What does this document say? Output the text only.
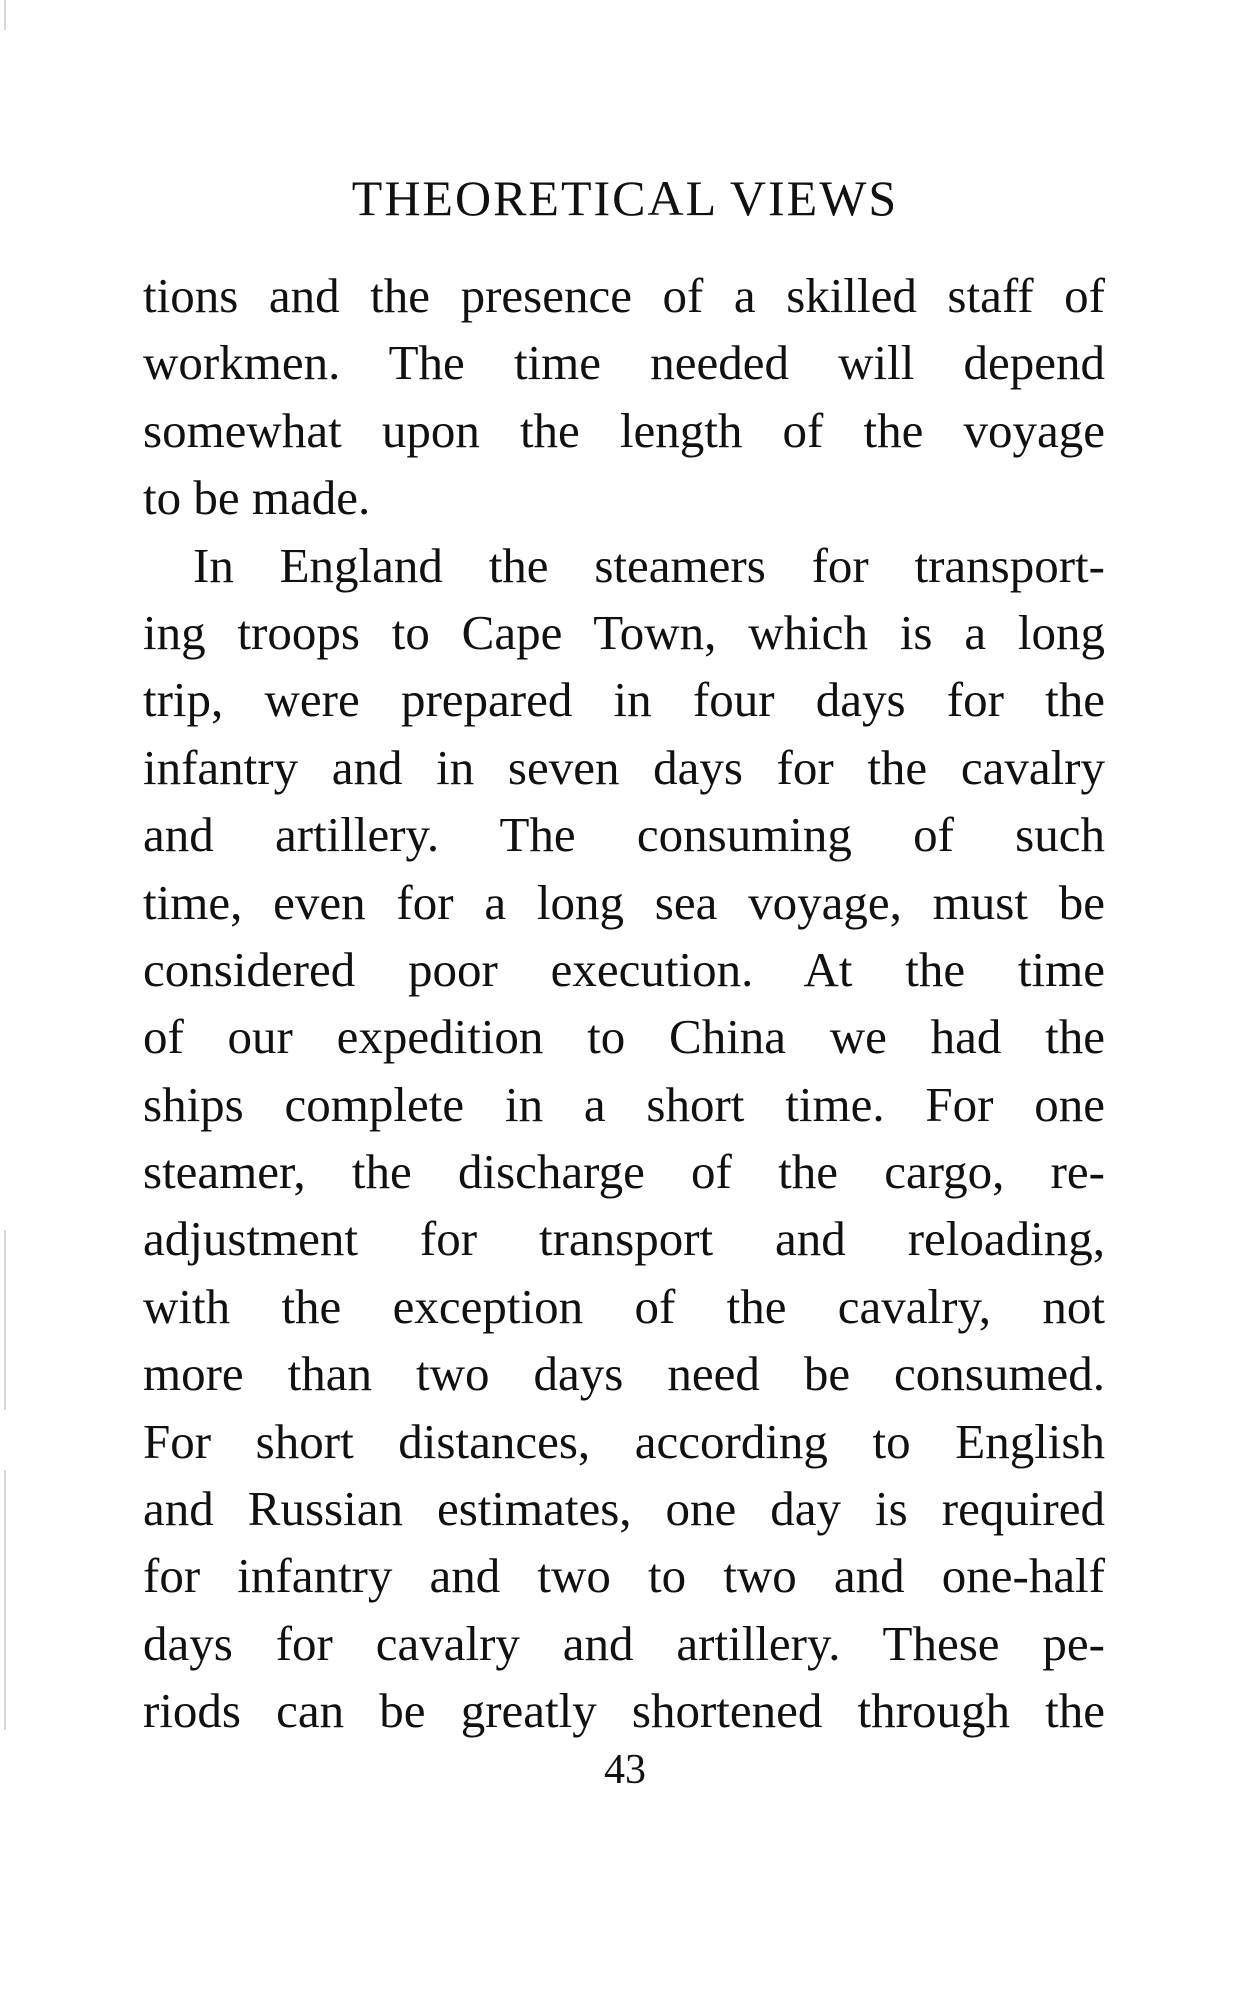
THEORETICAL VIEWS
tions and the presence of a skilled staff of
workmen. The time needed will depend
somewhat upon the length of the voyage
to be made.
In England the steamers for transport-
ing troops to Cape Town, which is a long
trip, were prepared in four days for the
infantry and in seven days for the cavalry
and artillery. The consuming of such
time, even for a long sea voyage, must be
considered poor execution. At the time
of our expedition to China we had the
ships complete in a short time. For one
steamer, the discharge of the cargo, re-
adjustment for transport and reloading,
with the exception of the cavalry, not
more than two days need be consumed.
For short distances, according to English
and Russian estimates, one day is required
for infantry and two to two and one-half
days for cavalry and artillery. These pe-
riods can be greatly shortened through the
43
